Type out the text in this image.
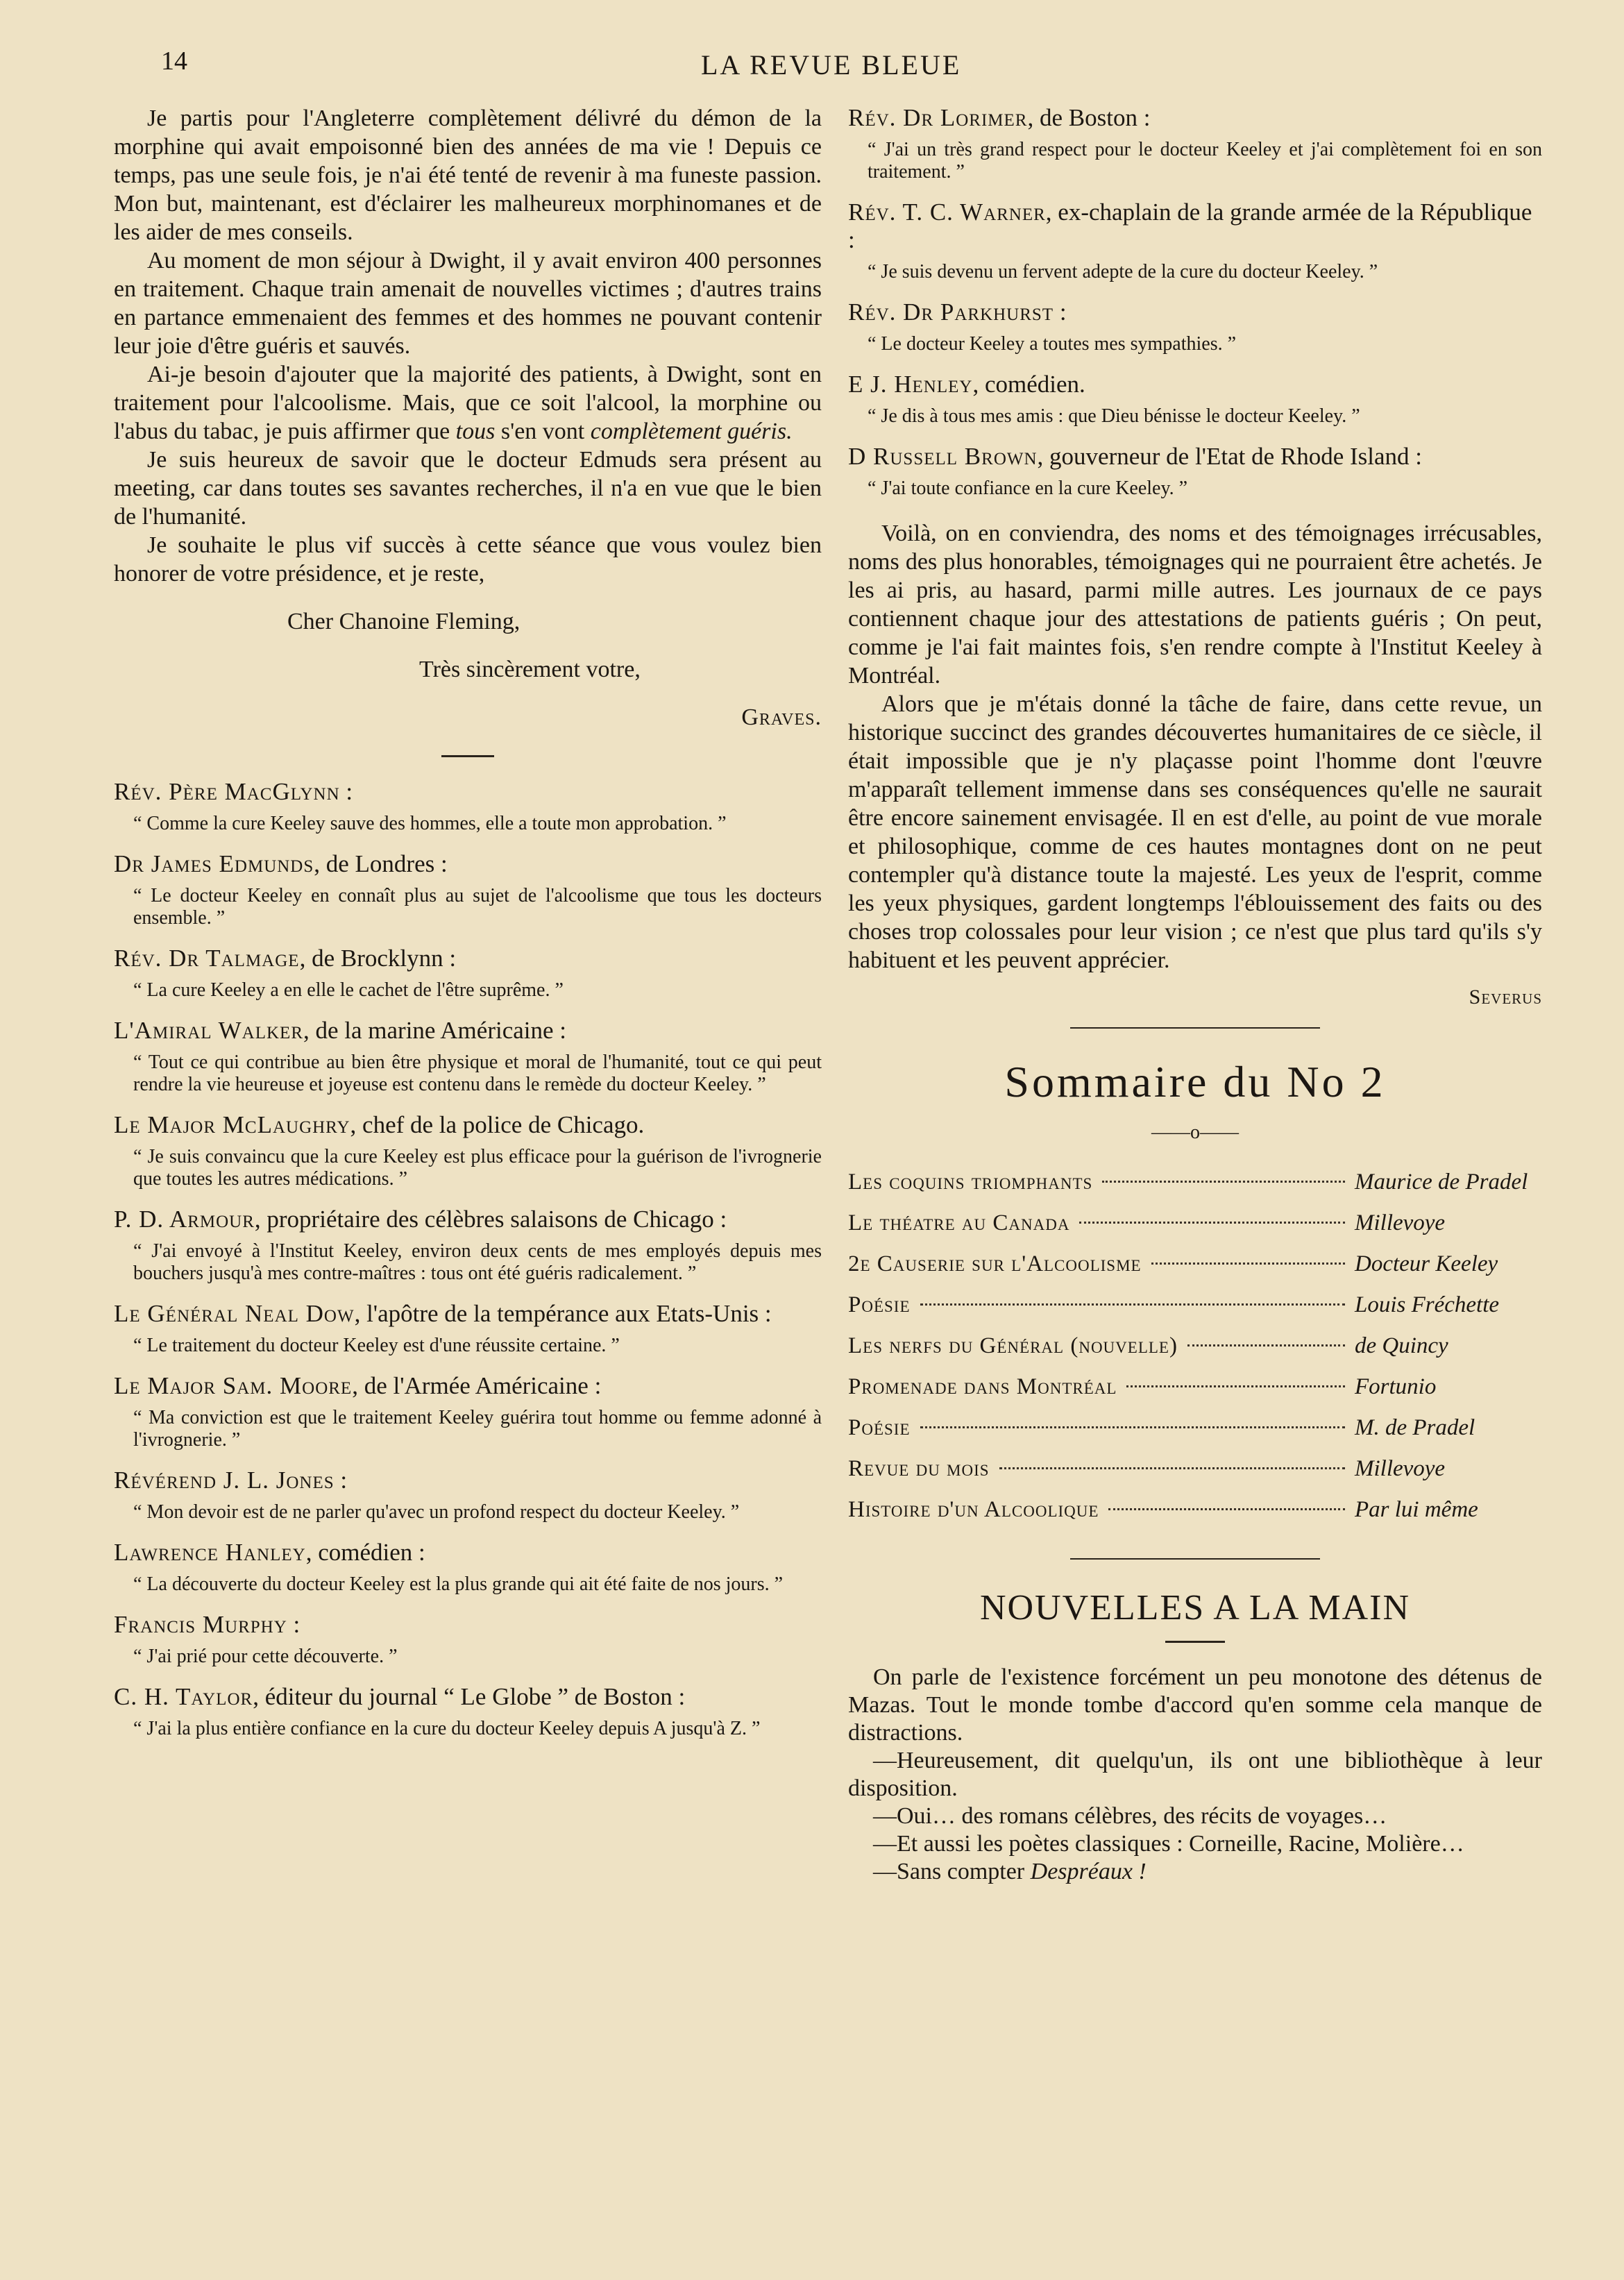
14	LA REVUE BLEUE

Je partis pour l'Angleterre complètement délivré du démon de la morphine qui avait empoisonné bien des années de ma vie ! Depuis ce temps, pas une seule fois, je n'ai été tenté de revenir à ma funeste passion. Mon but, maintenant, est d'éclairer les malheureux morphinomanes et de les aider de mes conseils.

Au moment de mon séjour à Dwight, il y avait environ 400 personnes en traitement. Chaque train amenait de nouvelles victimes ; d'autres trains en partance emmenaient des femmes et des hommes ne pouvant contenir leur joie d'être guéris et sauvés.

Ai-je besoin d'ajouter que la majorité des patients, à Dwight, sont en traitement pour l'alcoolisme. Mais, que ce soit l'alcool, la morphine ou l'abus du tabac, je puis affirmer que tous s'en vont complètement guéris.

Je suis heureux de savoir que le docteur Edmuds sera présent au meeting, car dans toutes ses savantes recherches, il n'a en vue que le bien de l'humanité.

Je souhaite le plus vif succès à cette séance que vous voulez bien honorer de votre présidence, et je reste,

Cher Chanoine Fleming,

Très sincèrement votre,

Graves.

Rév. Père MacGlynn :

“ Comme la cure Keeley sauve des hommes, elle a toute mon approbation. ”

Dr James Edmunds, de Londres :

“ Le docteur Keeley en connaît plus au sujet de l'alcoolisme que tous les docteurs ensemble. ”

Rév. Dr Talmage, de Brocklynn :

“ La cure Keeley a en elle le cachet de l'être suprême. ”

L'Amiral Walker, de la marine Américaine :

“ Tout ce qui contribue au bien être physique et moral de l'humanité, tout ce qui peut rendre la vie heureuse et joyeuse est contenu dans le remède du docteur Keeley. ”

Le Major McLaughry, chef de la police de Chicago.

“ Je suis convaincu que la cure Keeley est plus efficace pour la guérison de l'ivrognerie que toutes les autres médications. ”

P. D. Armour, propriétaire des célèbres salaisons de Chicago :

“ J'ai envoyé à l'Institut Keeley, environ deux cents de mes employés depuis mes bouchers jusqu'à mes contre-maîtres : tous ont été guéris radicalement. ”

Le Général Neal Dow, l'apôtre de la tempérance aux Etats-Unis :

“ Le traitement du docteur Keeley est d'une réussite certaine. ”

Le Major Sam. Moore, de l'Armée Américaine :

“ Ma conviction est que le traitement Keeley guérira tout homme ou femme adonné à l'ivrognerie. ”

Révérend J. L. Jones :

“ Mon devoir est de ne parler qu'avec un profond respect du docteur Keeley. ”

Lawrence Hanley, comédien :

“ La découverte du docteur Keeley est la plus grande qui ait été faite de nos jours. ”

Francis Murphy :

“ J'ai prié pour cette découverte. ”

C. H. Taylor, éditeur du journal “ Le Globe ” de Boston :

“ J'ai la plus entière confiance en la cure du docteur Keeley depuis A jusqu'à Z. ”

Rév. Dr Lorimer, de Boston :

“ J'ai un très grand respect pour le docteur Keeley et j'ai complètement foi en son traitement. ”

Rév. T. C. Warner, ex-chaplain de la grande armée de la République :

“ Je suis devenu un fervent adepte de la cure du docteur Keeley. ”

Rév. Dr Parkhurst :

“ Le docteur Keeley a toutes mes sympathies. ”

E J. Henley, comédien.

“ Je dis à tous mes amis : que Dieu bénisse le docteur Keeley. ”

D Russell Brown, gouverneur de l'Etat de Rhode Island :

“ J'ai toute confiance en la cure Keeley. ”

Voilà, on en conviendra, des noms et des témoignages irrécusables, noms des plus honorables, témoignages qui ne pourraient être achetés. Je les ai pris, au hasard, parmi mille autres. Les journaux de ce pays contiennent chaque jour des attestations de patients guéris ; On peut, comme je l'ai fait maintes fois, s'en rendre compte à l'Institut Keeley à Montréal.

Alors que je m'étais donné la tâche de faire, dans cette revue, un historique succinct des grandes découvertes humanitaires de ce siècle, il était impossible que je n'y plaçasse point l'homme dont l'œuvre m'apparaît tellement immense dans ses conséquences qu'elle ne saurait être encore sainement envisagée. Il en est d'elle, au point de vue morale et philosophique, comme de ces hautes montagnes dont on ne peut contempler qu'à distance toute la majesté. Les yeux de l'esprit, comme les yeux physiques, gardent longtemps l'éblouissement des faits ou des choses trop colossales pour leur vision ; ce n'est que plus tard qu'ils s'y habituent et les peuvent apprécier.

Severus

Sommaire du No 2
——o——
Les coquins triomphants	Maurice de Pradel
Le théatre au Canada	Millevoye
2e Causerie sur l'Alcoolisme	Docteur Keeley
Poésie	Louis Fréchette
Les nerfs du Général (nouvelle)	de Quincy
Promenade dans Montréal	Fortunio
Poésie	M. de Pradel
Revue du mois	Millevoye
Histoire d'un Alcoolique	Par lui même
NOUVELLES A LA MAIN

On parle de l'existence forcément un peu monotone des détenus de Mazas. Tout le monde tombe d'accord qu'en somme cela manque de distractions.

—Heureusement, dit quelqu'un, ils ont une bibliothèque à leur disposition.

—Oui… des romans célèbres, des récits de voyages…

—Et aussi les poètes classiques : Corneille, Racine, Molière…

—Sans compter Despréaux !
